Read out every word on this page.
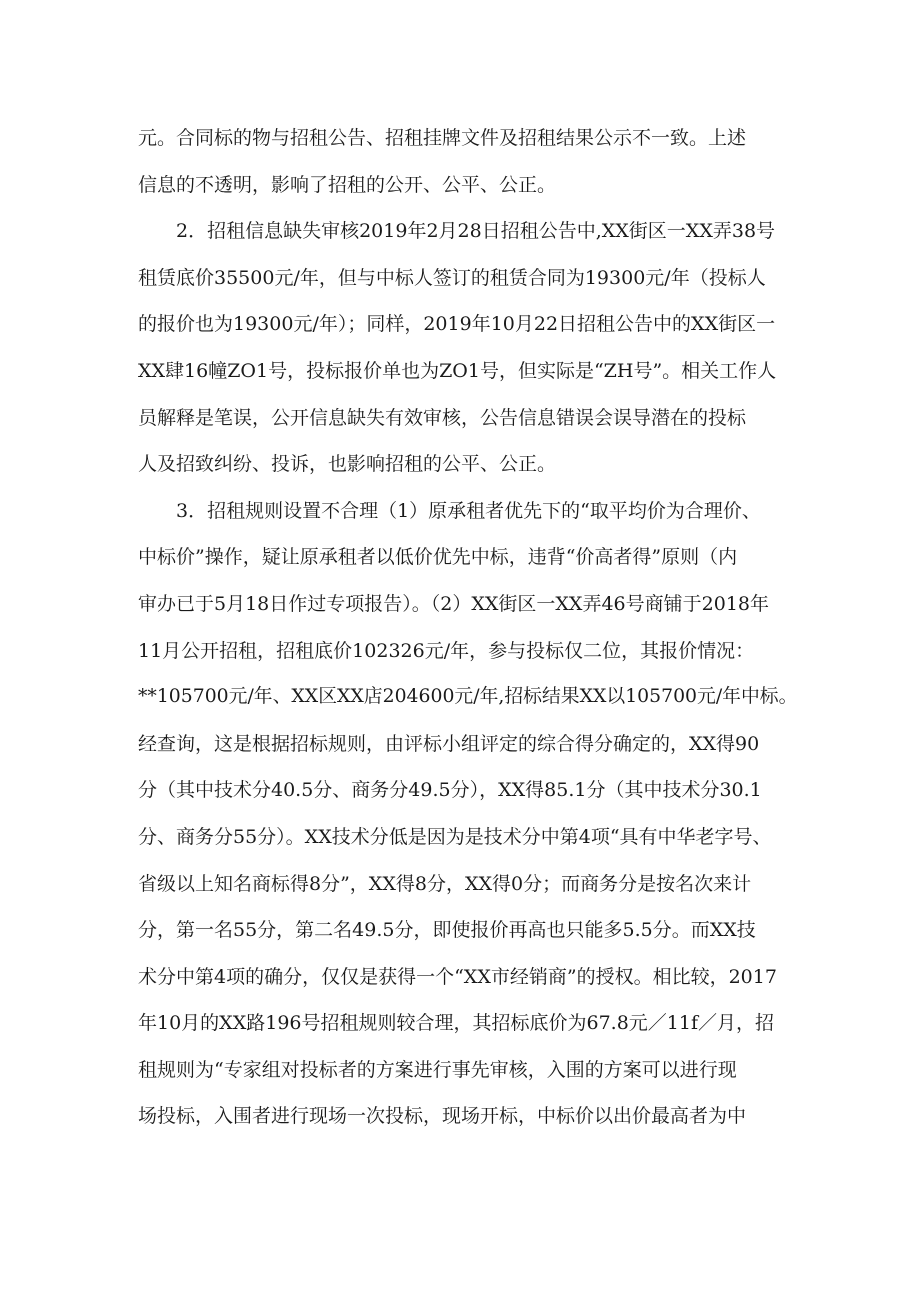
元。合同标的物与招租公告、招租挂牌文件及招租结果公示不一致。上述
信息的不透明，影响了招租的公开、公平、公正。
　　2．招租信息缺失审核2019年2月28日招租公告中,XX街区一XX弄38号
租赁底价35500元/年，但与中标人签订的租赁合同为19300元/年（投标人
的报价也为19300元/年）；同样，2019年10月22日招租公告中的XX街区一
XX肆16幢ZO1号，投标报价单也为ZO1号，但实际是“ZH号”。相关工作人
员解释是笔误，公开信息缺失有效审核，公告信息错误会误导潜在的投标
人及招致纠纷、投诉，也影响招租的公平、公正。
　　3．招租规则设置不合理（1）原承租者优先下的“取平均价为合理价、
中标价”操作，疑让原承租者以低价优先中标，违背“价高者得”原则（内
审办已于5月18日作过专项报告）。（2）XX街区一XX弄46号商铺于2018年
11月公开招租，招租底价102326元/年，参与投标仅二位，其报价情况：
**105700元/年、XX区XX店204600元/年,招标结果XX以105700元/年中标。
经查询，这是根据招标规则，由评标小组评定的综合得分确定的，XX得90
分（其中技术分40.5分、商务分49.5分），XX得85.1分（其中技术分30.1
分、商务分55分）。XX技术分低是因为是技术分中第4项“具有中华老字号、
省级以上知名商标得8分”，XX得8分，XX得0分；而商务分是按名次来计
分，第一名55分，第二名49.5分，即使报价再高也只能多5.5分。而XX技
术分中第4项的确分，仅仅是获得一个“XX市经销商”的授权。相比较，2017
年10月的XX路196号招租规则较合理，其招标底价为67.8元／11f／月，招
租规则为“专家组对投标者的方案进行事先审核，入围的方案可以进行现
场投标，入围者进行现场一次投标，现场开标，中标价以出价最高者为中
